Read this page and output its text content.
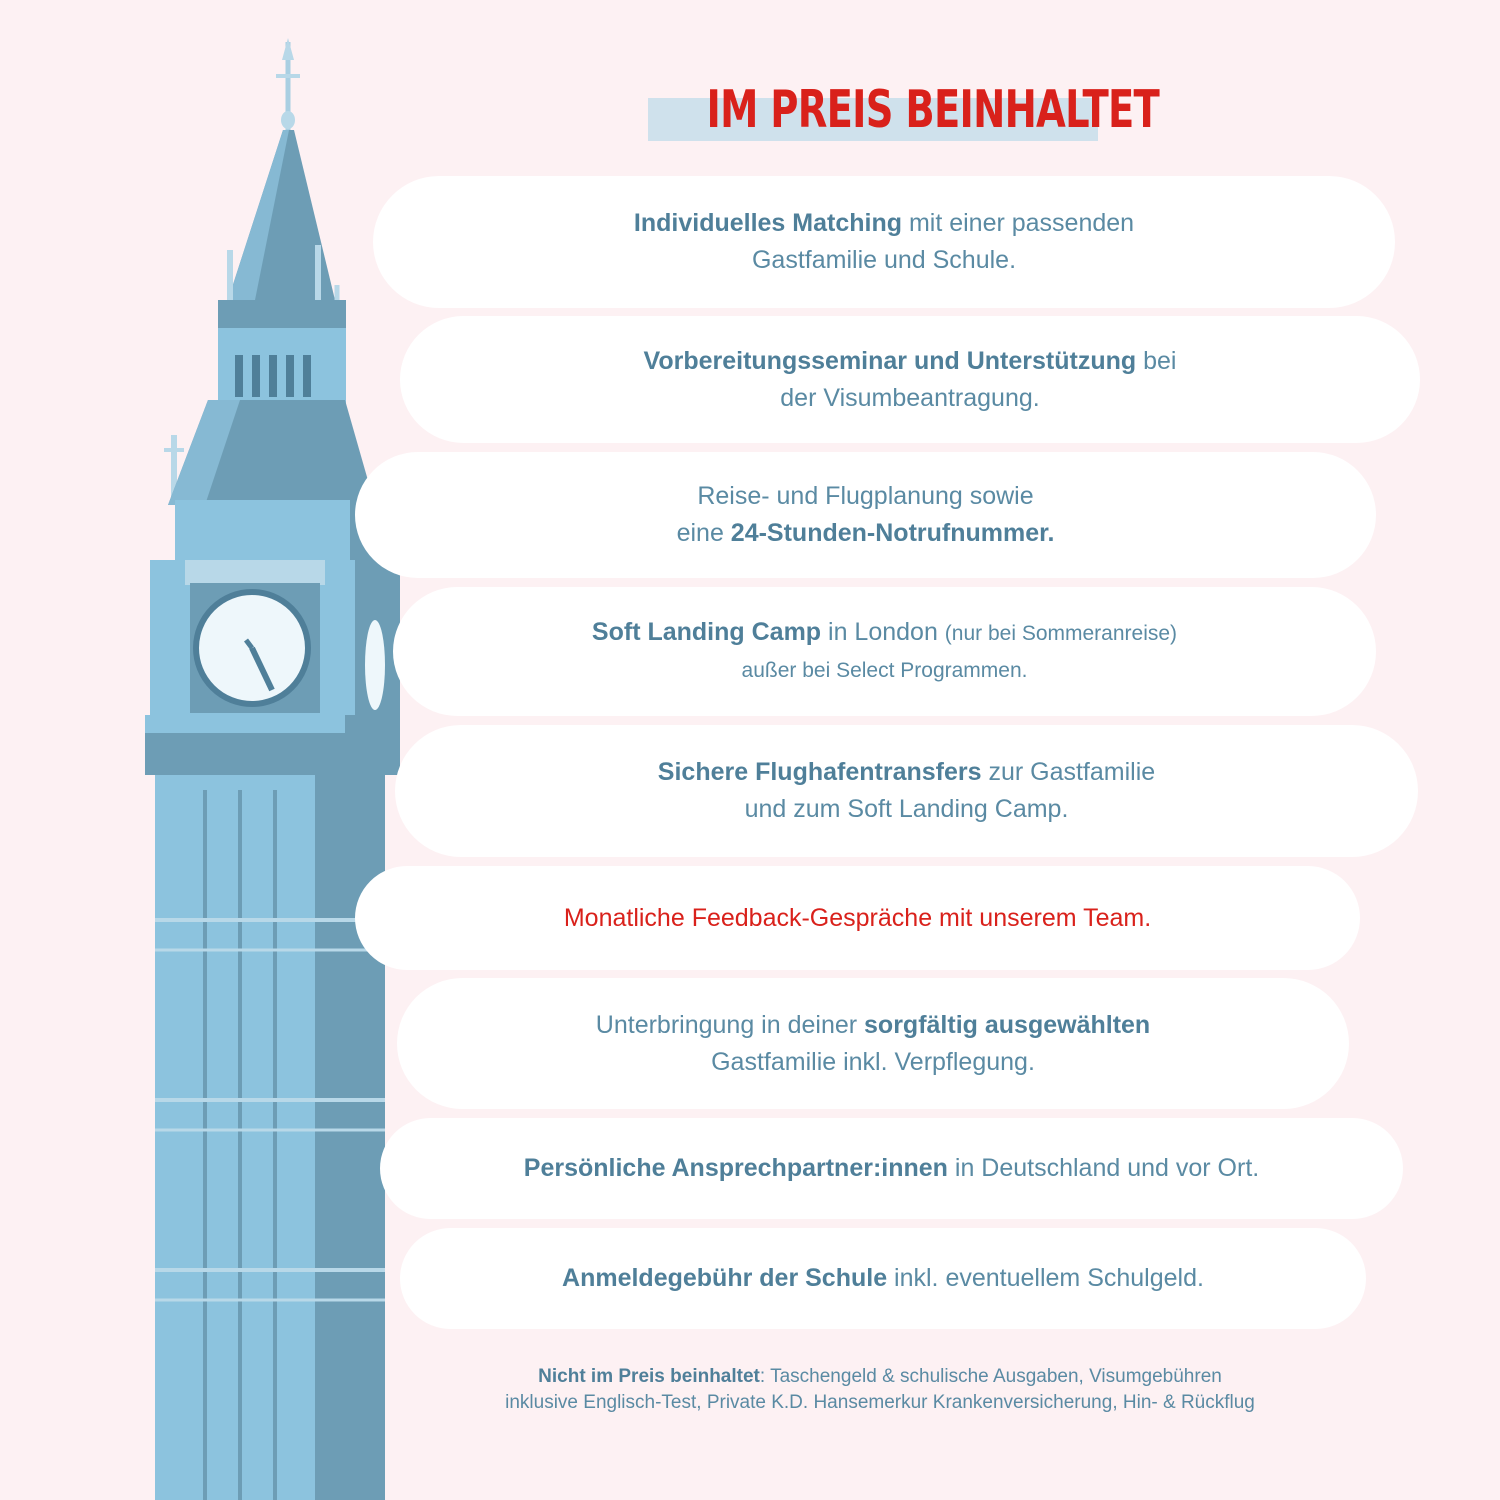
IM PREIS BEINHALTET
Individuelles Matching mit einer passenden
Gastfamilie und Schule.
Vorbereitungsseminar und Unterstützung bei
der Visumbeantragung.
Reise- und Flugplanung sowie
eine 24-Stunden-Notrufnummer.
Soft Landing Camp in London (nur bei Sommeranreise)
außer bei Select Programmen.
Sichere Flughafentransfers zur Gastfamilie
und zum Soft Landing Camp.
Monatliche Feedback-Gespräche mit unserem Team.
Unterbringung in deiner sorgfältig ausgewählten
Gastfamilie inkl. Verpflegung.
Persönliche Ansprechpartner:innen in Deutschland und vor Ort.
Anmeldegebühr der Schule inkl. eventuellem Schulgeld.
Nicht im Preis beinhaltet: Taschengeld & schulische Ausgaben, Visumgebühren
inklusive Englisch-Test, Private K.D. Hansemerkur Krankenversicherung, Hin- & Rückflug
